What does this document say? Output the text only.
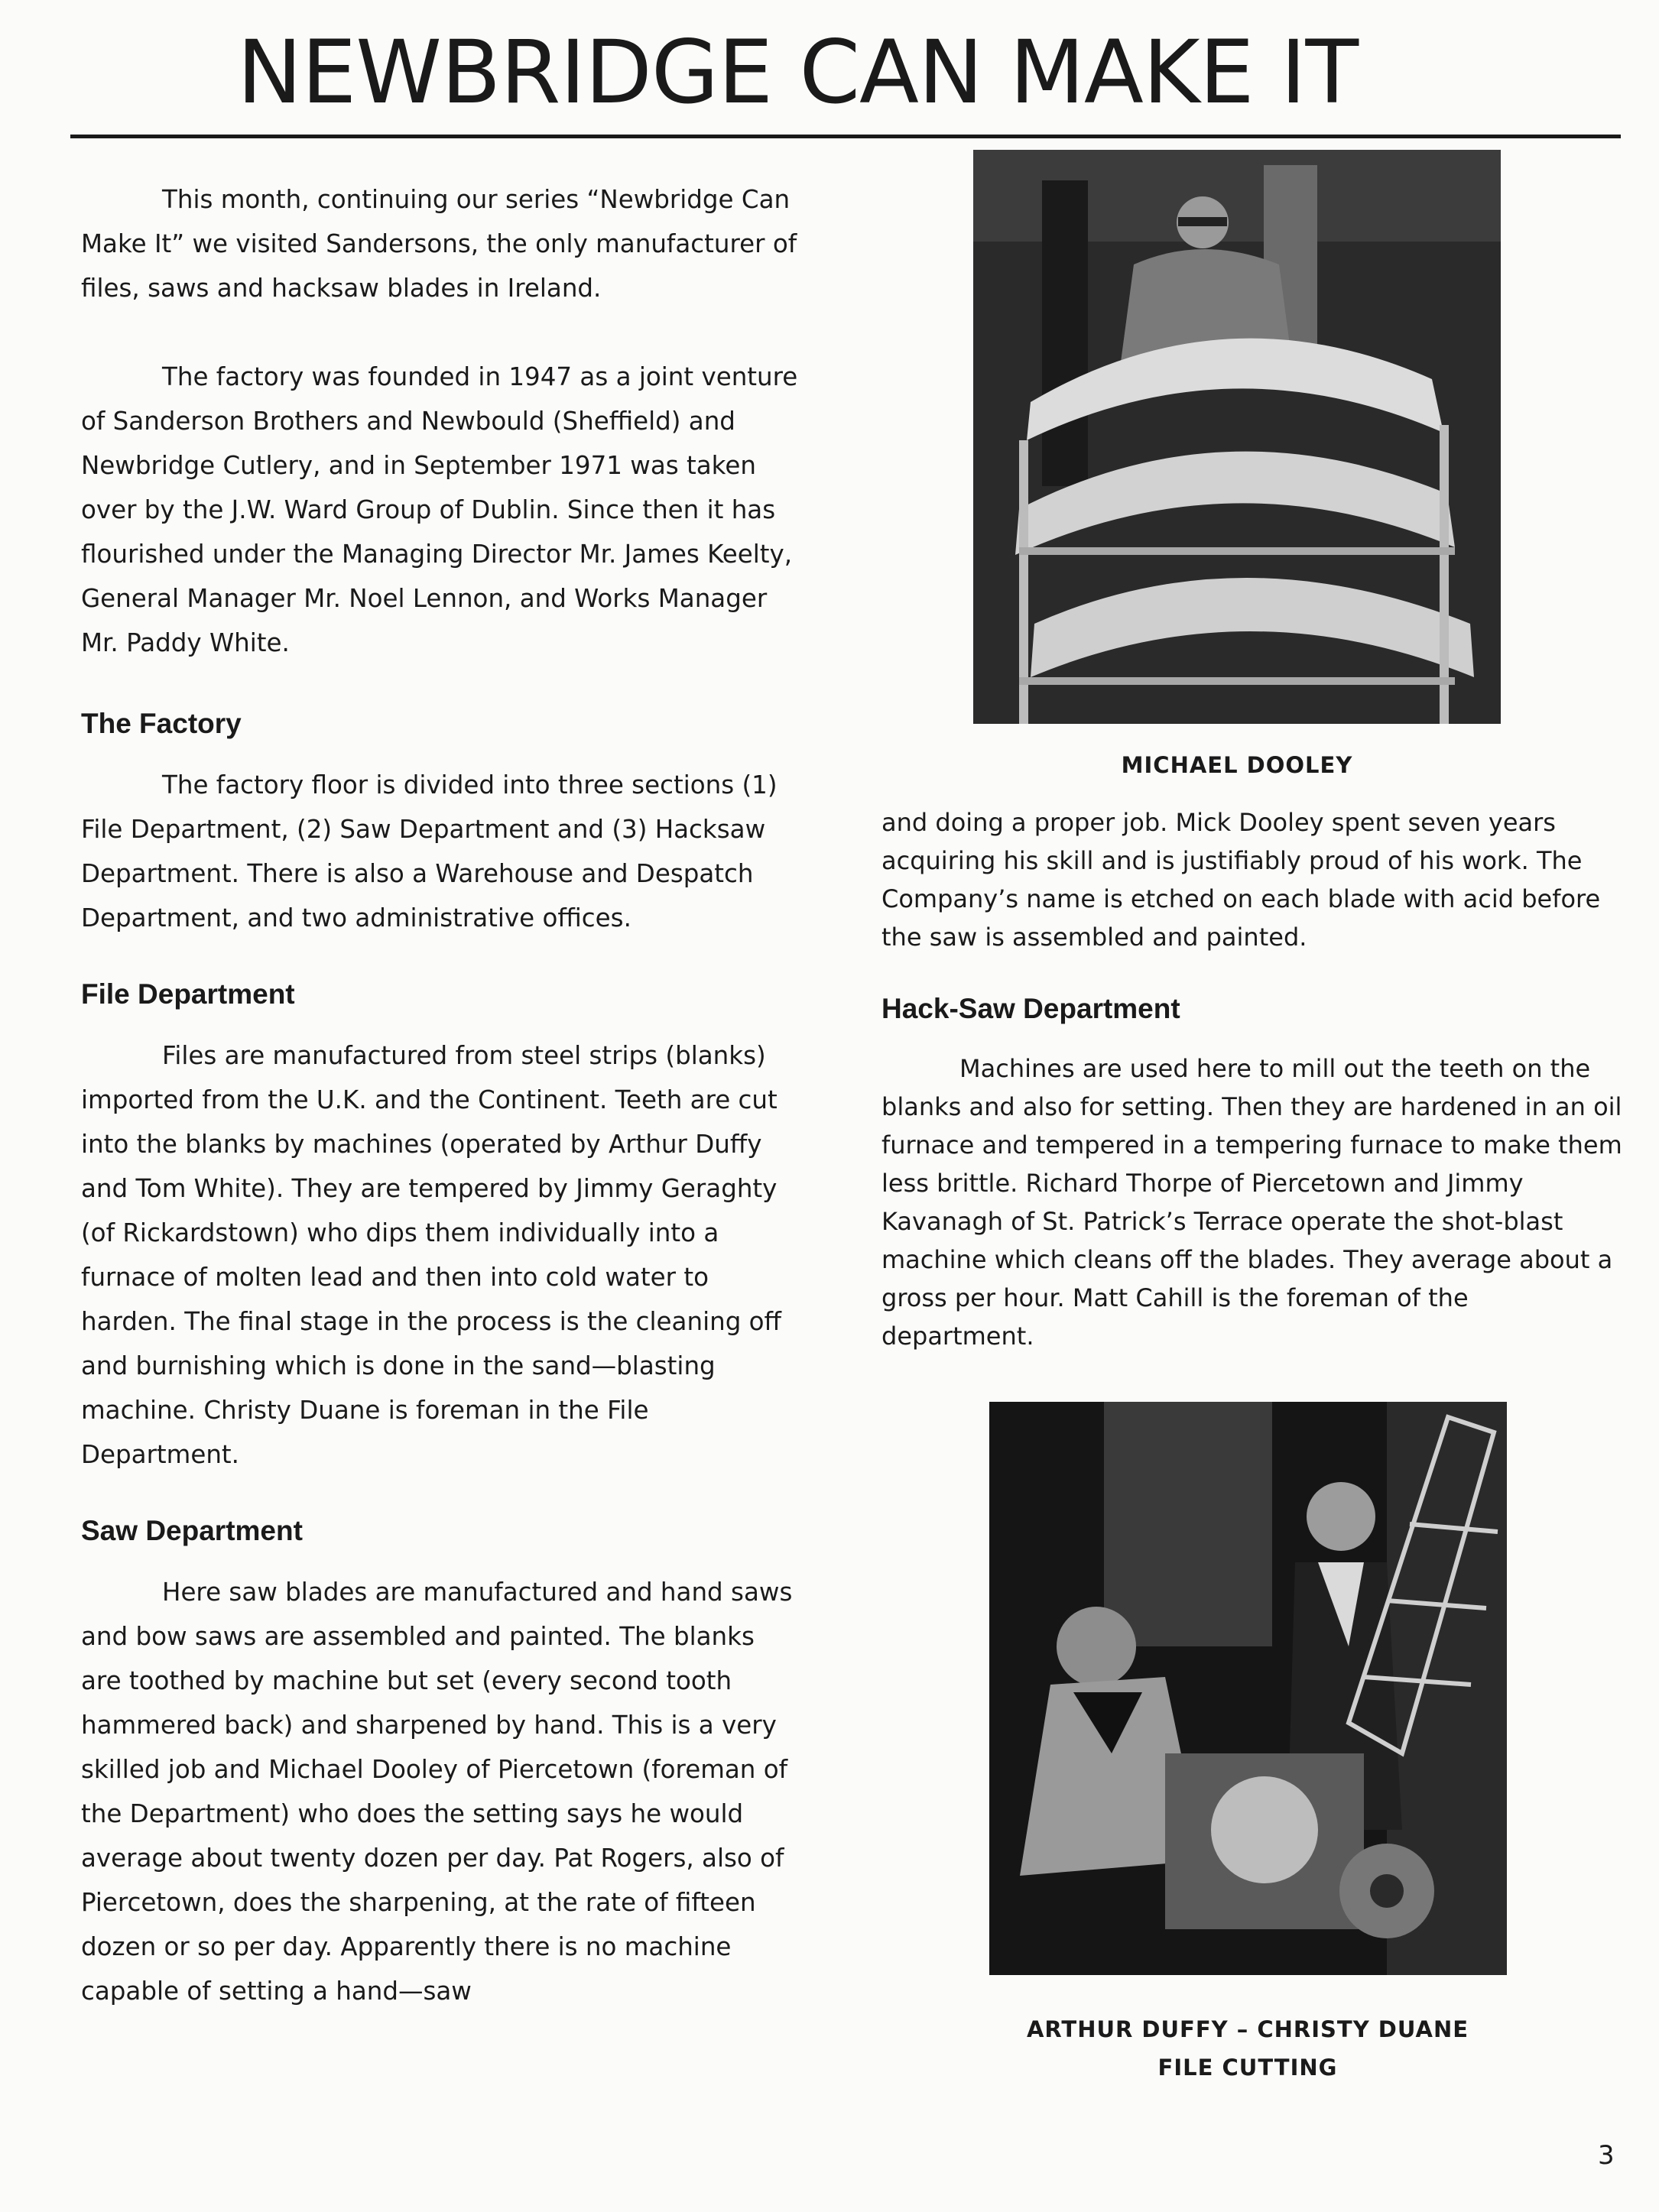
NEWBRIDGE CAN MAKE IT

This month, continuing our series “Newbridge Can Make It” we visited Sandersons, the only manufacturer of files, saws and hacksaw blades in Ireland.

The factory was founded in 1947 as a joint venture of Sanderson Brothers and Newbould (Sheffield) and Newbridge Cutlery, and in September 1971 was taken over by the J.W. Ward Group of Dublin. Since then it has flourished under the Managing Director Mr. James Keelty, General Manager Mr. Noel Lennon, and Works Manager Mr. Paddy White.

The Factory

The factory floor is divided into three sections (1) File Department, (2) Saw Department and (3) Hacksaw Department. There is also a Warehouse and Despatch Department, and two administrative offices.

File Department

Files are manufactured from steel strips (blanks) imported from the U.K. and the Continent. Teeth are cut into the blanks by machines (operated by Arthur Duffy and Tom White). They are tempered by Jimmy Geraghty (of Rickardstown) who dips them individually into a furnace of molten lead and then into cold water to harden. The final stage in the process is the cleaning off and burnishing which is done in the sand—blasting machine. Christy Duane is foreman in the File Department.

Saw Department

Here saw blades are manufactured and hand saws and bow saws are assembled and painted. The blanks are toothed by machine but set (every second tooth hammered back) and sharpened by hand. This is a very skilled job and Michael Dooley of Piercetown (foreman of the Department) who does the setting says he would average about twenty dozen per day. Pat Rogers, also of Piercetown, does the sharpening, at the rate of fifteen dozen or so per day. Apparently there is no machine capable of setting a hand—saw

MICHAEL DOOLEY

and doing a proper job. Mick Dooley spent seven years acquiring his skill and is justifiably proud of his work. The Company’s name is etched on each blade with acid before the saw is assembled and painted.

Hack-Saw Department

Machines are used here to mill out the teeth on the blanks and also for setting. Then they are hardened in an oil furnace and tempered in a tempering furnace to make them less brittle. Richard Thorpe of Piercetown and Jimmy Kavanagh of St. Patrick’s Terrace operate the shot-blast machine which cleans off the blades. They average about a gross per hour. Matt Cahill is the foreman of the department.

ARTHUR DUFFY – CHRISTY DUANE
FILE CUTTING
3
